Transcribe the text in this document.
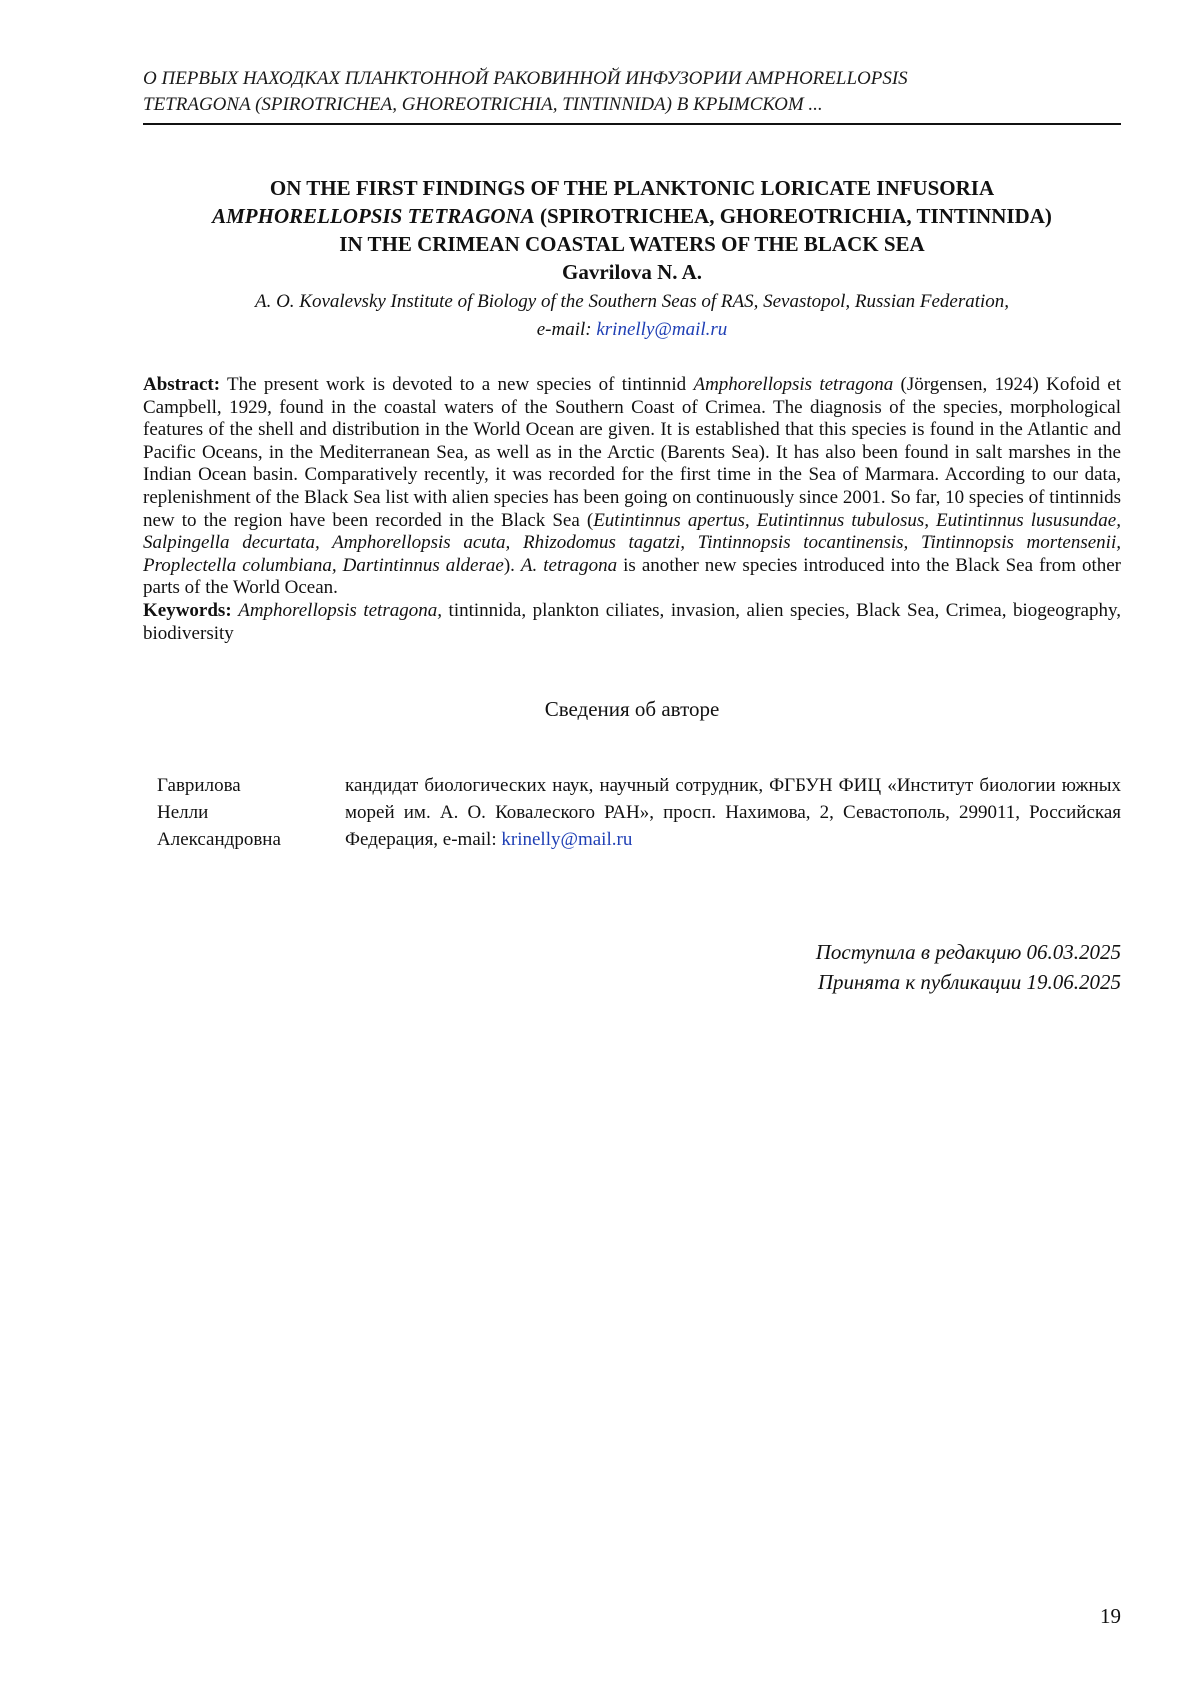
О ПЕРВЫХ НАХОДКАХ ПЛАНКТОННОЙ РАКОВИННОЙ ИНФУЗОРИИ AMPHORELLOPSIS
TETRAGONA (SPIROTRICHEA, GHOREOTRICHIA, TINTINNIDA) В КРЫМСКОМ ...
ON THE FIRST FINDINGS OF THE PLANKTONIC LORICATE INFUSORIA
AMPHORELLOPSIS TETRAGONA (SPIROTRICHEA, GHOREOTRICHIA, TINTINNIDA)
IN THE CRIMEAN COASTAL WATERS OF THE BLACK SEA
Gavrilova N. A.
A. O. Kovalevsky Institute of Biology of the Southern Seas of RAS, Sevastopol, Russian Federation,
e-mail: krinelly@mail.ru

Abstract: The present work is devoted to a new species of tintinnid Amphorellopsis tetragona (Jörgensen, 1924) Kofoid et Campbell, 1929, found in the coastal waters of the Southern Coast of Crimea. The diagnosis of the species, morphological features of the shell and distribution in the World Ocean are given. It is established that this species is found in the Atlantic and Pacific Oceans, in the Mediterranean Sea, as well as in the Arctic (Barents Sea). It has also been found in salt marshes in the Indian Ocean basin. Comparatively recently, it was recorded for the first time in the Sea of Marmara. According to our data, replenishment of the Black Sea list with alien species has been going on continuously since 2001. So far, 10 species of tintinnids new to the region have been recorded in the Black Sea (Eutintinnus apertus, Eutintinnus tubulosus, Eutintinnus lususundae, Salpingella decurtata, Amphorellopsis acuta, Rhizodomus tagatzi, Tintinnopsis tocantinensis, Tintinnopsis mortensenii, Proplectella columbiana, Dartintinnus alderae). A. tetragona is another new species introduced into the Black Sea from other parts of the World Ocean.

Keywords: Amphorellopsis tetragona, tintinnida, plankton ciliates, invasion, alien species, Black Sea, Crimea, biogeography, biodiversity

Сведения об авторе
Гаврилова
Нелли
Александровна
кандидат биологических наук, научный сотрудник, ФГБУН ФИЦ «Институт биологии южных морей им. А. О. Ковалеского РАН», просп. Нахимова, 2, Севастополь, 299011, Российская Федерация, e-mail: krinelly@mail.ru
Поступила в редакцию 06.03.2025
Принята к публикации 19.06.2025
19
